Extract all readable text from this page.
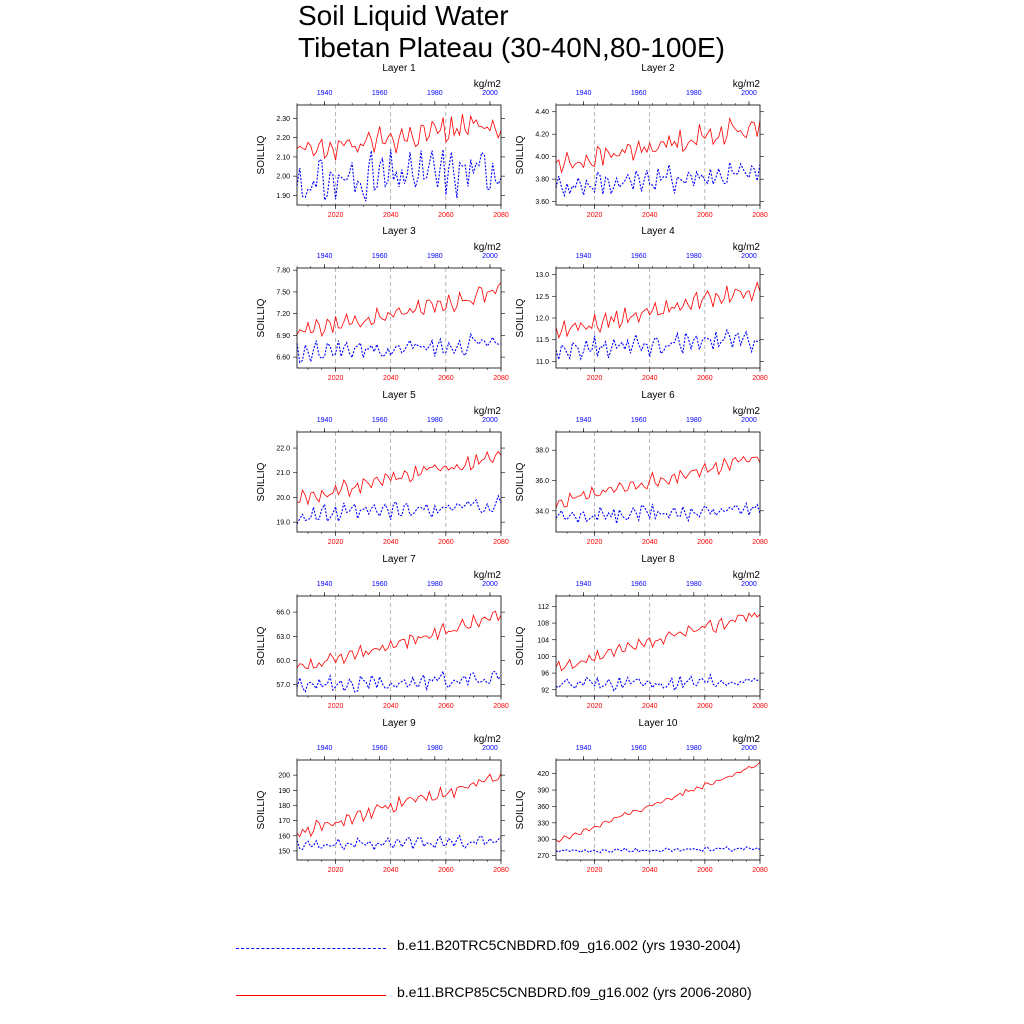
Soil Liquid Water
Tibetan Plateau (30-40N,80-100E)
Layer 1
kg/m2
SOILLIQ
2020	2040	2060	2080
1940	1960	1980	2000
1.90
2.00
2.10
2.20
2.30
Layer 2
kg/m2
SOILLIQ
2020	2040	2060	2080
1940	1960	1980	2000
3.60
3.80
4.00
4.20
4.40
Layer 3
kg/m2
SOILLIQ
2020	2040	2060	2080
1940	1960	1980	2000
6.60
6.90
7.20
7.50
7.80
Layer 4
kg/m2
SOILLIQ
2020	2040	2060	2080
1940	1960	1980	2000
11.0
11.5
12.0
12.5
13.0
Layer 5
kg/m2
SOILLIQ
2020	2040	2060	2080
1940	1960	1980	2000
19.0
20.0
21.0
22.0
Layer 6
kg/m2
SOILLIQ
2020	2040	2060	2080
1940	1960	1980	2000
34.0
36.0
38.0
Layer 7
kg/m2
SOILLIQ
2020	2040	2060	2080
1940	1960	1980	2000
57.0
60.0
63.0
66.0
Layer 8
kg/m2
SOILLIQ
2020	2040	2060	2080
1940	1960	1980	2000
92
96
100
104
108
112
Layer 9
kg/m2
SOILLIQ
2020	2040	2060	2080
1940	1960	1980	2000
150
160
170
180
190
200
Layer 10
kg/m2
SOILLIQ
2020	2040	2060	2080
1940	1960	1980	2000
270
300
330
360
390
420
b.e11.B20TRC5CNBDRD.f09_g16.002 (yrs 1930-2004)
b.e11.BRCP85C5CNBDRD.f09_g16.002 (yrs 2006-2080)
